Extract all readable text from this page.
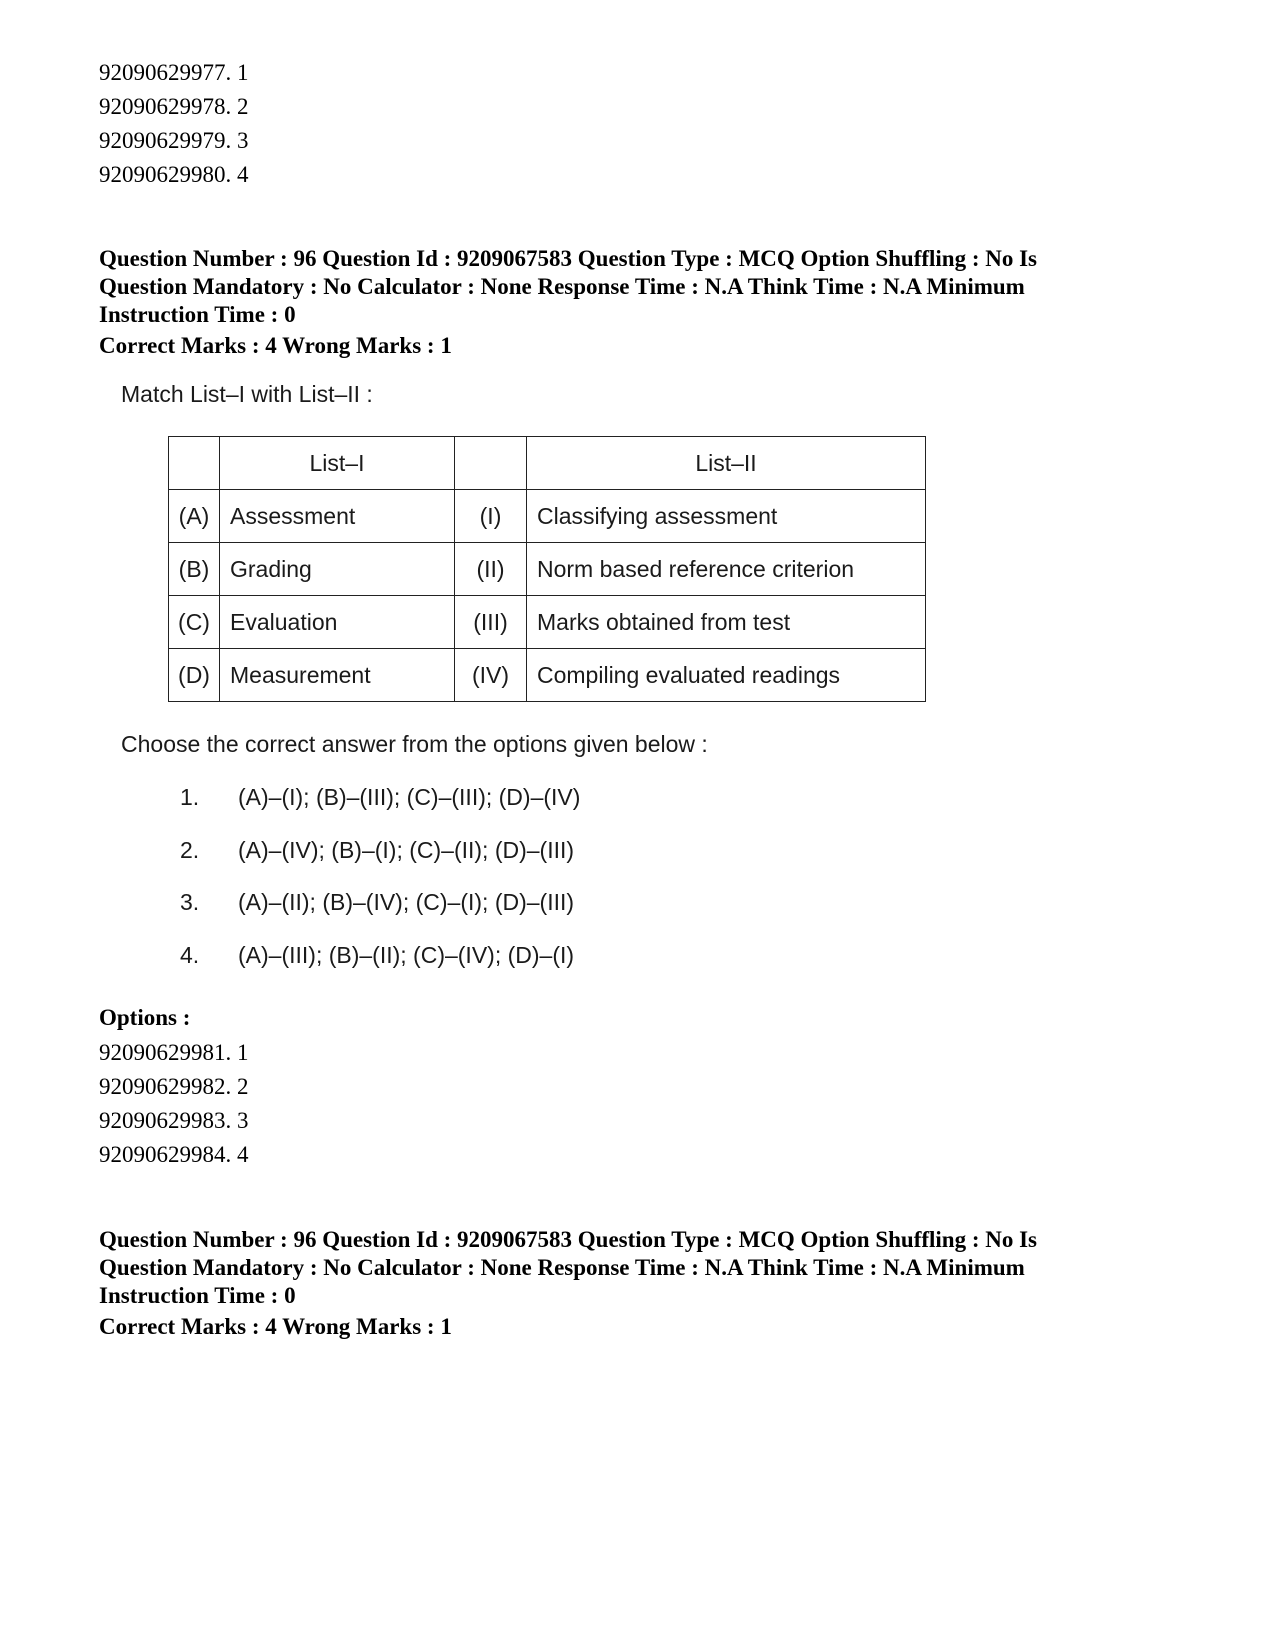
92090629977. 1
92090629978. 2
92090629979. 3
92090629980. 4
Question Number : 96 Question Id : 9209067583 Question Type : MCQ Option Shuffling : No Is
Question Mandatory : No Calculator : None Response Time : N.A Think Time : N.A Minimum
Instruction Time : 0
Correct Marks : 4 Wrong Marks : 1
Match List–I with List–II :
	List–I		List–II
(A)	Assessment	(I)	Classifying assessment
(B)	Grading	(II)	Norm based reference criterion
(C)	Evaluation	(III)	Marks obtained from test
(D)	Measurement	(IV)	Compiling evaluated readings
Choose the correct answer from the options given below :
1. (A)–(I); (B)–(III); (C)–(III); (D)–(IV)
2. (A)–(IV); (B)–(I); (C)–(II); (D)–(III)
3. (A)–(II); (B)–(IV); (C)–(I); (D)–(III)
4. (A)–(III); (B)–(II); (C)–(IV); (D)–(I)
Options :
92090629981. 1
92090629982. 2
92090629983. 3
92090629984. 4
Question Number : 96 Question Id : 9209067583 Question Type : MCQ Option Shuffling : No Is
Question Mandatory : No Calculator : None Response Time : N.A Think Time : N.A Minimum
Instruction Time : 0
Correct Marks : 4 Wrong Marks : 1
